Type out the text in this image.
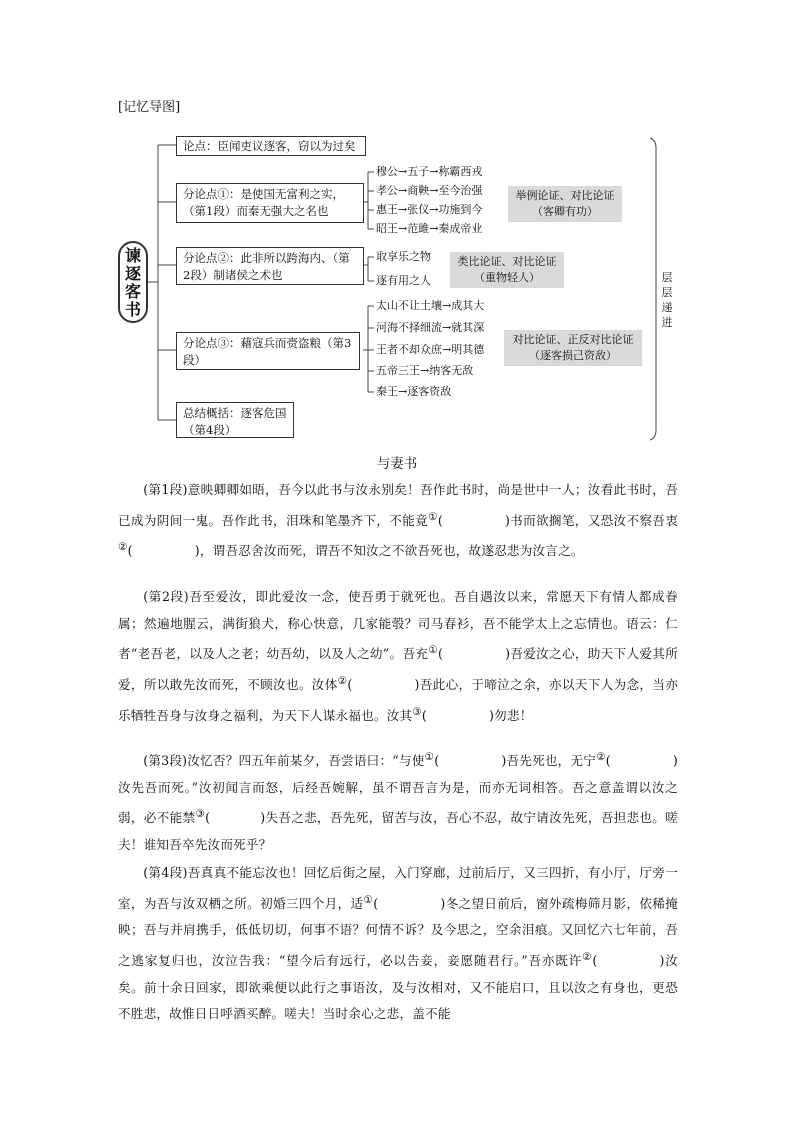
[记忆导图]
谏逐客书
论点：臣闻吏议逐客，窃以为过矣
分论点①：是使国无富利之实，（第1段）而秦无强大之名也
穆公→五子→称霸西戎
孝公→商鞅→至今治强
惠王→张仪→功施到今
昭王→范雎→秦成帝业
举例论证、对比论证（客卿有功）
分论点②：此非所以跨海内、（第2段）制诸侯之术也
取享乐之物
逐有用之人
类比论证、对比论证（重物轻人）
分论点③：藉寇兵而赍盗粮（第3段）
太山不让土壤→成其大
河海不择细流→就其深
王者不却众庶→明其德
五帝三王→纳客无敌
秦王→逐客资敌
对比论证、正反对比论证（逐客损己资敌）
总结概括：逐客危国（第4段）
层层递进
与妻书

(第1段)意映卿卿如晤，吾今以此书与汝永别矣！吾作此书时，尚是世中一人；汝看此书时，吾已成为阴间一鬼。吾作此书，泪珠和笔墨齐下，不能竟①(	)书而欲搁笔，又恐汝不察吾衷②(	)，谓吾忍舍汝而死，谓吾不知汝之不欲吾死也，故遂忍悲为汝言之。

(第2段)吾至爱汝，即此爱汝一念，使吾勇于就死也。吾自遇汝以来，常愿天下有情人都成眷属；然遍地腥云，满街狼犬，称心快意，几家能彀？司马春衫，吾不能学太上之忘情也。语云：仁者“老吾老，以及人之老；幼吾幼，以及人之幼”。吾充①(	)吾爱汝之心，助天下人爱其所爱，所以敢先汝而死，不顾汝也。汝体②(	)吾此心，于啼泣之余，亦以天下人为念，当亦乐牺牲吾身与汝身之福利，为天下人谋永福也。汝其③(	)勿悲！

(第3段)汝忆否？四五年前某夕，吾尝语曰：“与使①(	)吾先死也，无宁②(	)汝先吾而死。”汝初闻言而怒，后经吾婉解，虽不谓吾言为是，而亦无词相答。吾之意盖谓以汝之弱，必不能禁③(	)失吾之悲，吾先死，留苦与汝，吾心不忍，故宁请汝先死，吾担悲也。嗟夫！谁知吾卒先汝而死乎？

(第4段)吾真真不能忘汝也！回忆后街之屋，入门穿廊，过前后厅，又三四折，有小厅，厅旁一室，为吾与汝双栖之所。初婚三四个月，适①(	)冬之望日前后，窗外疏梅筛月影，依稀掩映；吾与并肩携手，低低切切，何事不语？何情不诉？及今思之，空余泪痕。又回忆六七年前，吾之逃家复归也，汝泣告我：“望今后有远行，必以告妾，妾愿随君行。”吾亦既许②(	)汝矣。前十余日回家，即欲乘便以此行之事语汝，及与汝相对，又不能启口，且以汝之有身也，更恐不胜悲，故惟日日呼酒买醉。嗟夫！当时余心之悲，盖不能
